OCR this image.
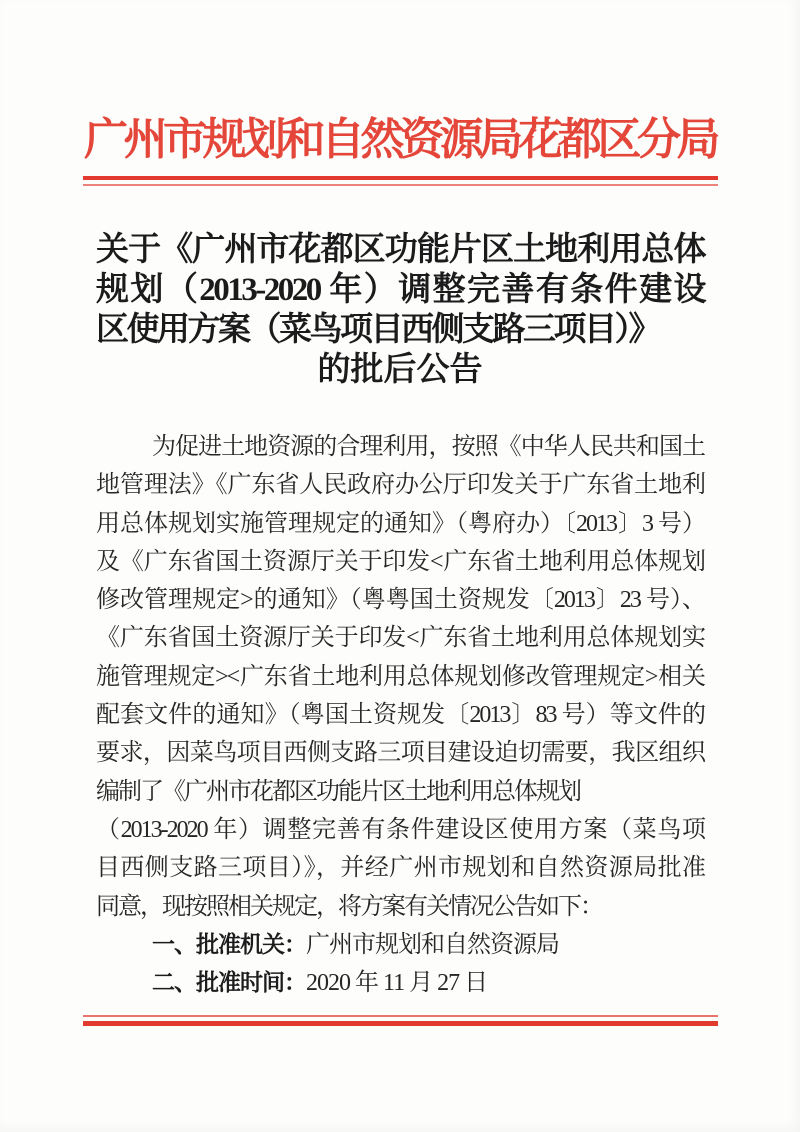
广州市规划和自然资源局花都区分局
关于《广州市花都区功能片区土地利用总体
规划（2013-2020 年）调整完善有条件建设
区使用方案（菜鸟项目西侧支路三项目）》
的批后公告
为促进土地资源的合理利用，按照《中华人民共和国土
地管理法》《广东省人民政府办公厅印发关于广东省土地利
用总体规划实施管理规定的通知》（粤府办）〔2013〕3 号）
及《广东省国土资源厅关于印发<广东省土地利用总体规划
修改管理规定>的通知》（粤粤国土资规发〔2013〕23 号）、
《广东省国土资源厅关于印发<广东省土地利用总体规划实
施管理规定><广东省土地利用总体规划修改管理规定>相关
配套文件的通知》（粤国土资规发〔2013〕83 号）等文件的
要求，因菜鸟项目西侧支路三项目建设迫切需要，我区组织
编制了《广州市花都区功能片区土地利用总体规划
（2013-2020 年）调整完善有条件建设区使用方案（菜鸟项
目西侧支路三项目）》，并经广州市规划和自然资源局批准
同意，现按照相关规定，将方案有关情况公告如下：
一、批准机关：广州市规划和自然资源局
二、批准时间：2020 年 11 月 27 日
